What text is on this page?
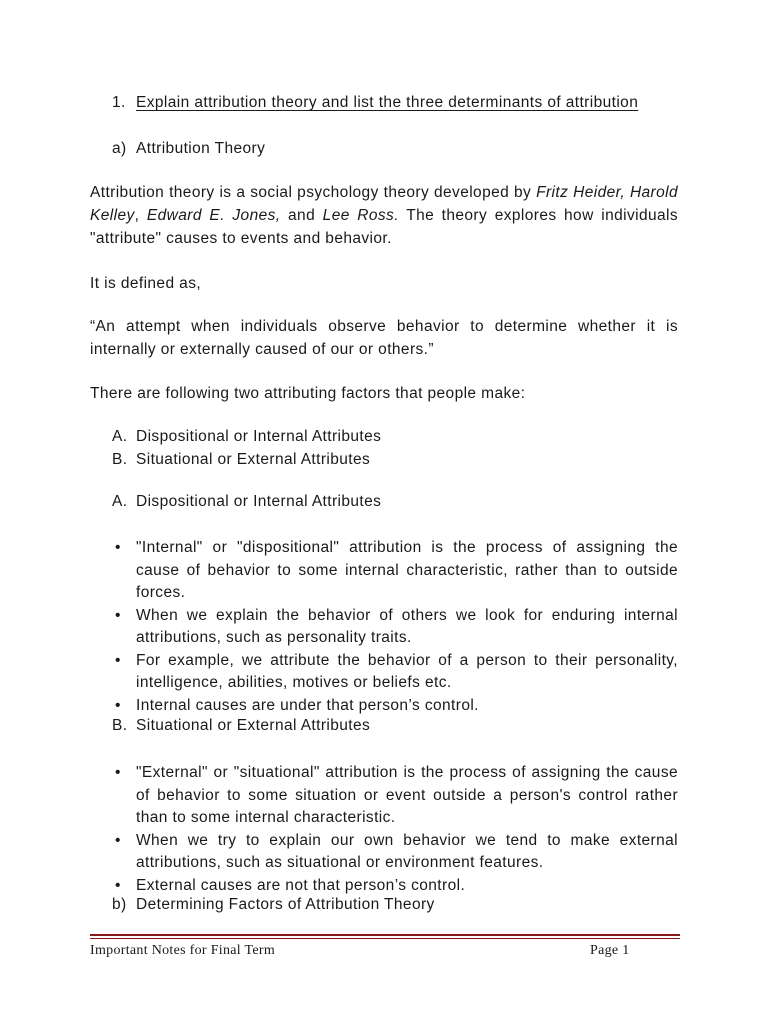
1. Explain attribution theory and list the three determinants of attribution

a) Attribution Theory

Attribution theory is a social psychology theory developed by Fritz Heider, Harold Kelley, Edward E. Jones, and Lee Ross. The theory explores how individuals "attribute" causes to events and behavior.

It is defined as,

“An attempt when individuals observe behavior to determine whether it is internally or externally caused of our or others.”

There are following two attributing factors that people make:

A. Dispositional or Internal Attributes
B. Situational or External Attributes

A. Dispositional or Internal Attributes

• "Internal" or "dispositional" attribution is the process of assigning the cause of behavior to some internal characteristic, rather than to outside forces.
• When we explain the behavior of others we look for enduring internal attributions, such as personality traits.
• For example, we attribute the behavior of a person to their personality, intelligence, abilities, motives or beliefs etc.
• Internal causes are under that person’s control.

B. Situational or External Attributes

• "External" or "situational" attribution is the process of assigning the cause of behavior to some situation or event outside a person's control rather than to some internal characteristic.
• When we try to explain our own behavior we tend to make external attributions, such as situational or environment features.
• External causes are not that person’s control.

b) Determining Factors of Attribution Theory

Important Notes for Final Term	Page 1
